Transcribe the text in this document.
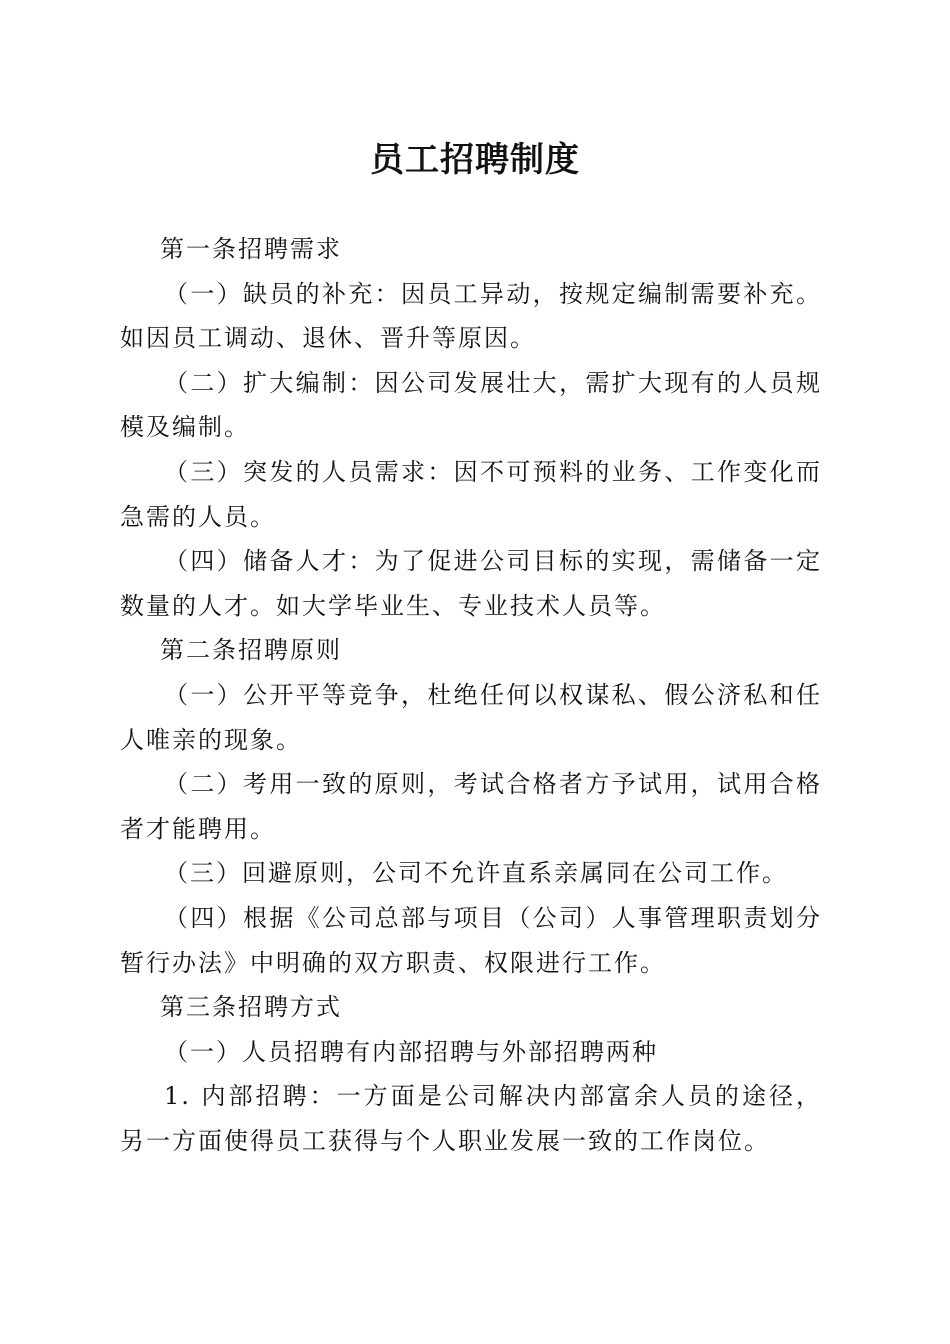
员工招聘制度

第一条招聘需求

（一）缺员的补充：因员工异动，按规定编制需要补充。如因员工调动、退休、晋升等原因。

（二）扩大编制：因公司发展壮大，需扩大现有的人员规模及编制。

（三）突发的人员需求：因不可预料的业务、工作变化而急需的人员。

（四）储备人才：为了促进公司目标的实现，需储备一定数量的人才。如大学毕业生、专业技术人员等。

第二条招聘原则

（一）公开平等竞争，杜绝任何以权谋私、假公济私和任人唯亲的现象。

（二）考用一致的原则，考试合格者方予试用，试用合格者才能聘用。

（三）回避原则，公司不允许直系亲属同在公司工作。

（四）根据《公司总部与项目（公司）人事管理职责划分暂行办法》中明确的双方职责、权限进行工作。

第三条招聘方式

（一）人员招聘有内部招聘与外部招聘两种

1. 内部招聘：一方面是公司解决内部富余人员的途径，另一方面使得员工获得与个人职业发展一致的工作岗位。
